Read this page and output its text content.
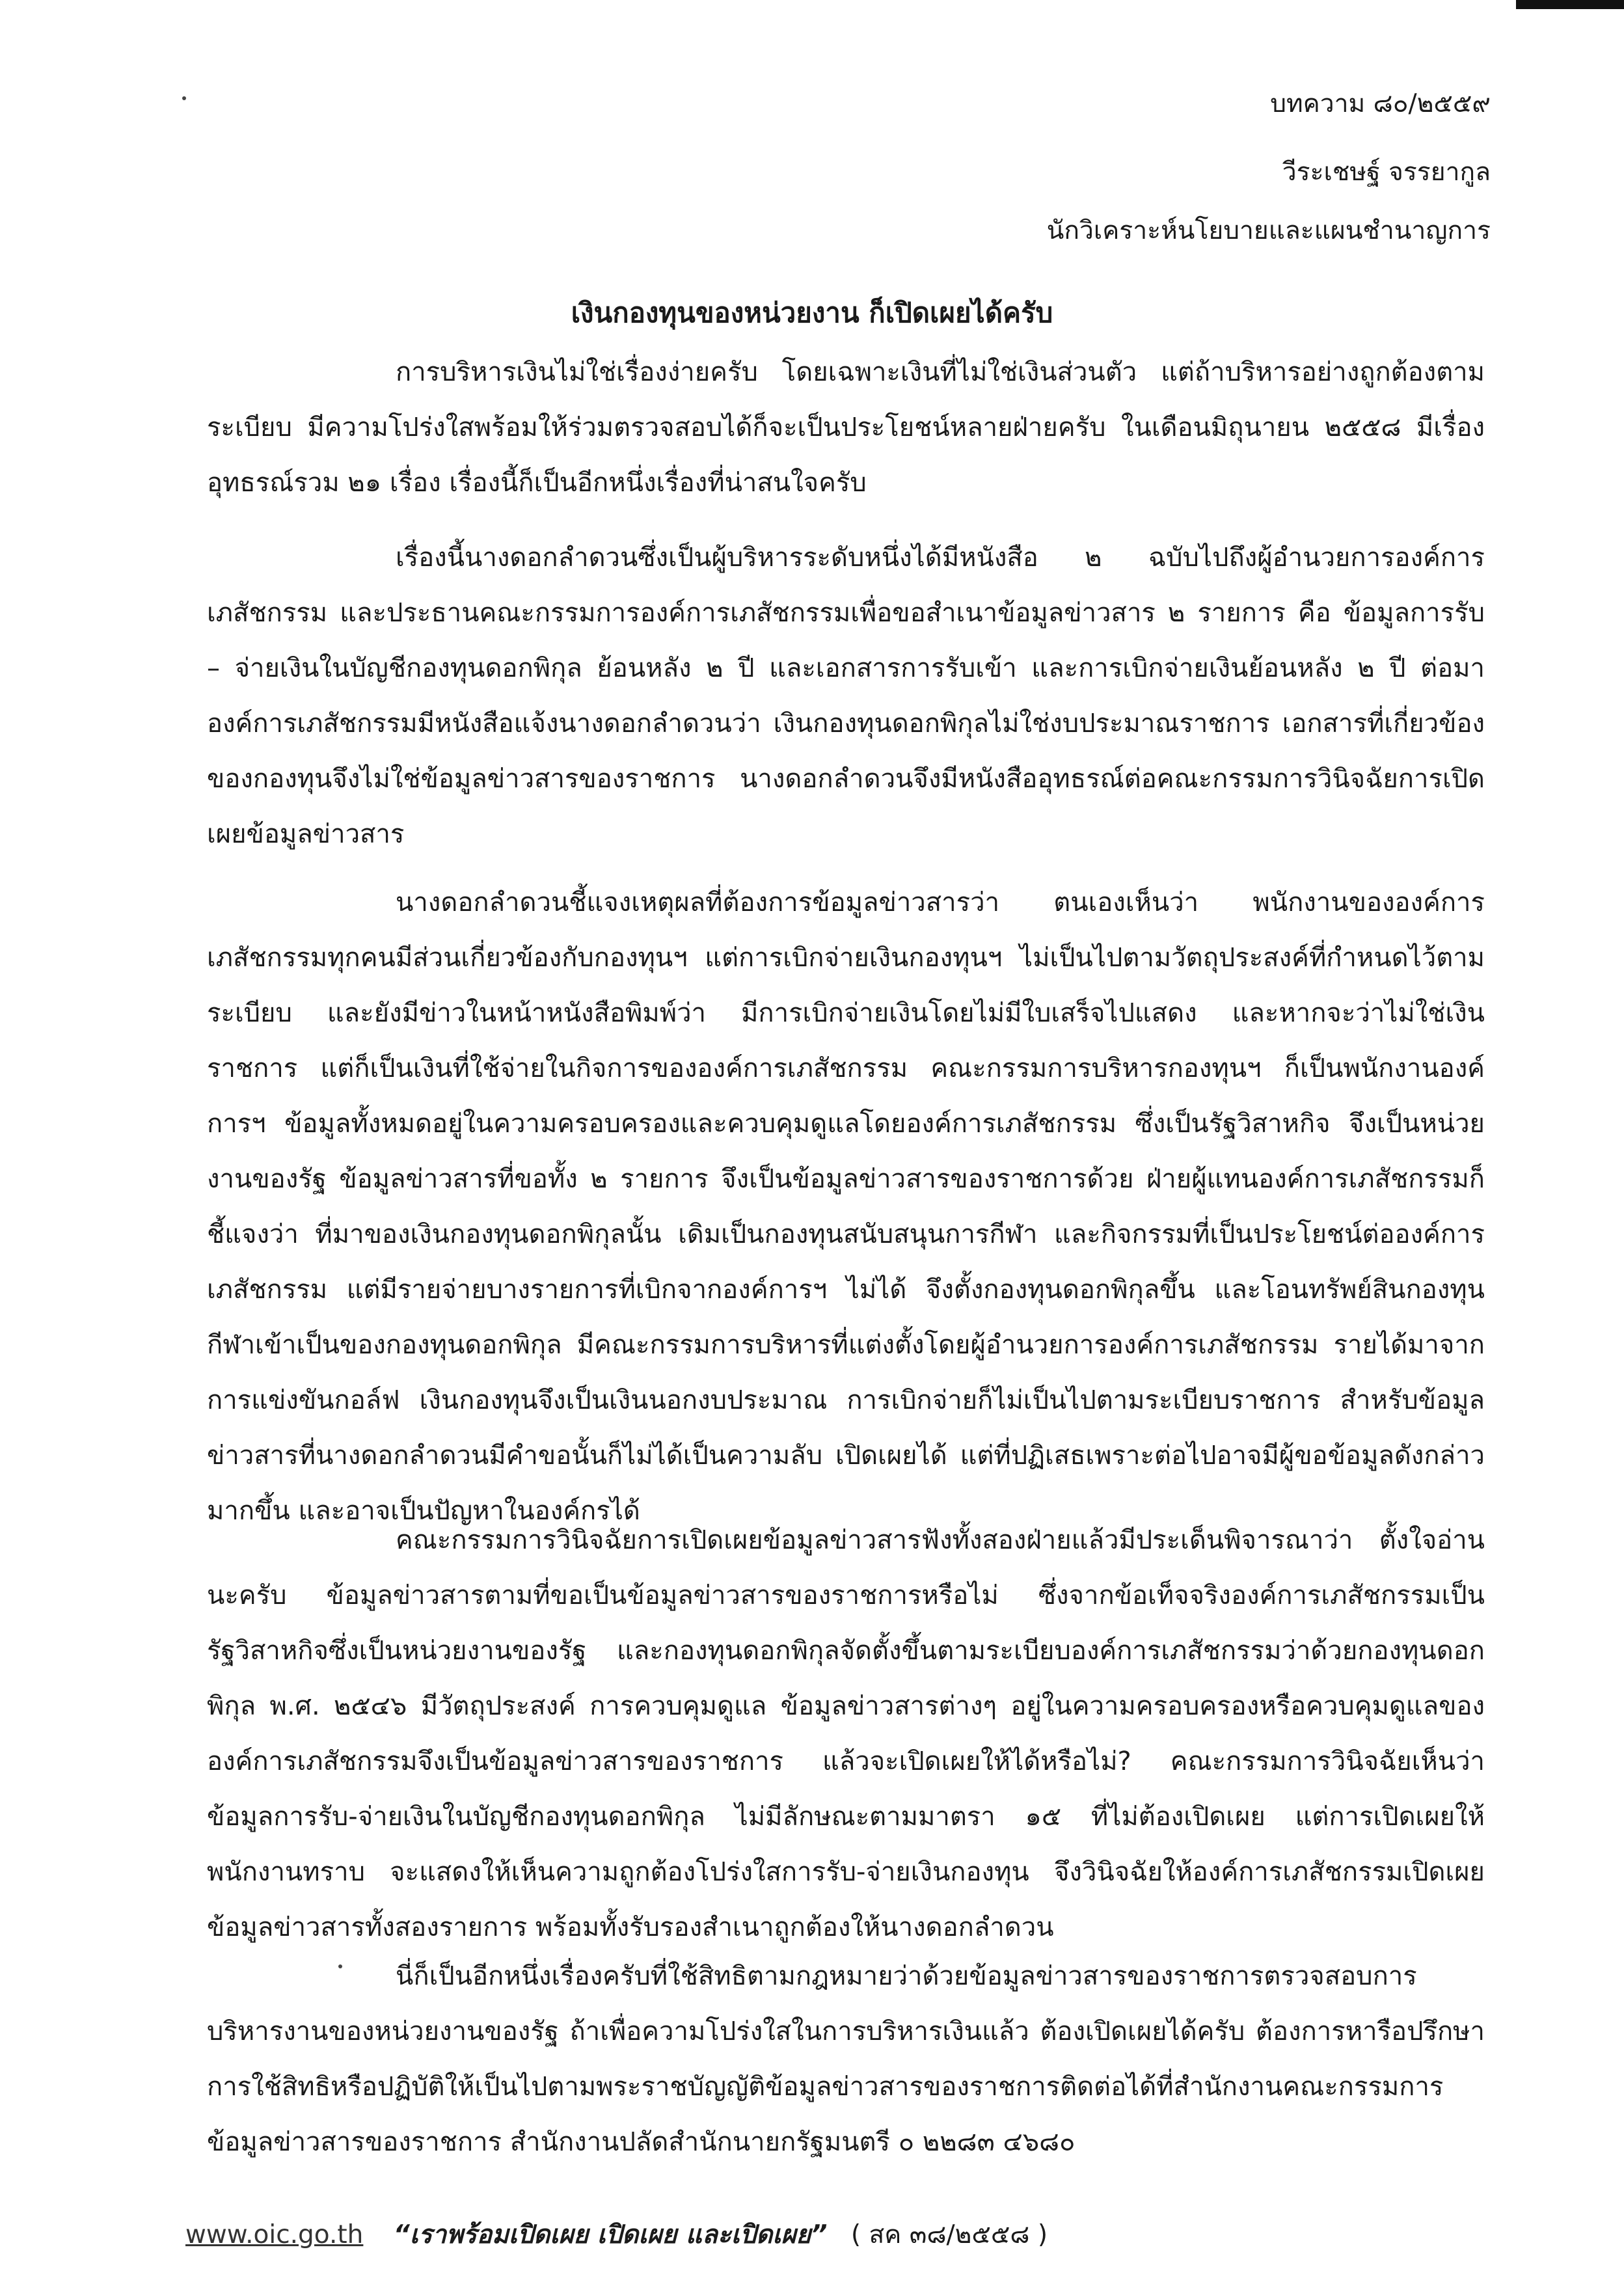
บทความ ๘๐/๒๕๕๙
วีระเชษฐ์ จรรยากูล
นักวิเคราะห์นโยบายและแผนชำนาญการ
เงินกองทุนของหน่วยงาน ก็เปิดเผยได้ครับ
การบริหารเงินไม่ใช่เรื่องง่ายครับ โดยเฉพาะเงินที่ไม่ใช่เงินส่วนตัว แต่ถ้าบริหารอย่างถูกต้องตามระเบียบ มีความโปร่งใสพร้อมให้ร่วมตรวจสอบได้ก็จะเป็นประโยชน์หลายฝ่ายครับ ในเดือนมิถุนายน ๒๕๕๘ มีเรื่องอุทธรณ์รวม ๒๑ เรื่อง เรื่องนี้ก็เป็นอีกหนึ่งเรื่องที่น่าสนใจครับ
เรื่องนี้นางดอกลำดวนซึ่งเป็นผู้บริหารระดับหนึ่งได้มีหนังสือ ๒ ฉบับไปถึงผู้อำนวยการองค์การเภสัชกรรม และประธานคณะกรรมการองค์การเภสัชกรรมเพื่อขอสำเนาข้อมูลข่าวสาร ๒ รายการ คือ ข้อมูลการรับ – จ่ายเงินในบัญชีกองทุนดอกพิกุล ย้อนหลัง ๒ ปี และเอกสารการรับเข้า และการเบิกจ่ายเงินย้อนหลัง ๒ ปี ต่อมาองค์การเภสัชกรรมมีหนังสือแจ้งนางดอกลำดวนว่า เงินกองทุนดอกพิกุลไม่ใช่งบประมาณราชการ เอกสารที่เกี่ยวข้องของกองทุนจึงไม่ใช่ข้อมูลข่าวสารของราชการ นางดอกลำดวนจึงมีหนังสืออุทธรณ์ต่อคณะกรรมการวินิจฉัยการเปิดเผยข้อมูลข่าวสาร
นางดอกลำดวนชี้แจงเหตุผลที่ต้องการข้อมูลข่าวสารว่า ตนเองเห็นว่า พนักงานขององค์การเภสัชกรรมทุกคนมีส่วนเกี่ยวข้องกับกองทุนฯ แต่การเบิกจ่ายเงินกองทุนฯ ไม่เป็นไปตามวัตถุประสงค์ที่กำหนดไว้ตามระเบียบ และยังมีข่าวในหน้าหนังสือพิมพ์ว่า มีการเบิกจ่ายเงินโดยไม่มีใบเสร็จไปแสดง และหากจะว่าไม่ใช่เงินราชการ แต่ก็เป็นเงินที่ใช้จ่ายในกิจการขององค์การเภสัชกรรม คณะกรรมการบริหารกองทุนฯ ก็เป็นพนักงานองค์การฯ ข้อมูลทั้งหมดอยู่ในความครอบครองและควบคุมดูแลโดยองค์การเภสัชกรรม ซึ่งเป็นรัฐวิสาหกิจ จึงเป็นหน่วยงานของรัฐ ข้อมูลข่าวสารที่ขอทั้ง ๒ รายการ จึงเป็นข้อมูลข่าวสารของราชการด้วย ฝ่ายผู้แทนองค์การเภสัชกรรมก็ชี้แจงว่า ที่มาของเงินกองทุนดอกพิกุลนั้น เดิมเป็นกองทุนสนับสนุนการกีฬา และกิจกรรมที่เป็นประโยชน์ต่อองค์การเภสัชกรรม แต่มีรายจ่ายบางรายการที่เบิกจากองค์การฯ ไม่ได้ จึงตั้งกองทุนดอกพิกุลขึ้น และโอนทรัพย์สินกองทุนกีฬาเข้าเป็นของกองทุนดอกพิกุล มีคณะกรรมการบริหารที่แต่งตั้งโดยผู้อำนวยการองค์การเภสัชกรรม รายได้มาจากการแข่งขันกอล์ฟ เงินกองทุนจึงเป็นเงินนอกงบประมาณ การเบิกจ่ายก็ไม่เป็นไปตามระเบียบราชการ สำหรับข้อมูลข่าวสารที่นางดอกลำดวนมีคำขอนั้นก็ไม่ได้เป็นความลับ เปิดเผยได้ แต่ที่ปฏิเสธเพราะต่อไปอาจมีผู้ขอข้อมูลดังกล่าวมากขึ้น และอาจเป็นปัญหาในองค์กรได้
คณะกรรมการวินิจฉัยการเปิดเผยข้อมูลข่าวสารฟังทั้งสองฝ่ายแล้วมีประเด็นพิจารณาว่า ตั้งใจอ่านนะครับ ข้อมูลข่าวสารตามที่ขอเป็นข้อมูลข่าวสารของราชการหรือไม่ ซึ่งจากข้อเท็จจริงองค์การเภสัชกรรมเป็นรัฐวิสาหกิจซึ่งเป็นหน่วยงานของรัฐ และกองทุนดอกพิกุลจัดตั้งขึ้นตามระเบียบองค์การเภสัชกรรมว่าด้วยกองทุนดอกพิกุล พ.ศ. ๒๕๔๖ มีวัตถุประสงค์ การควบคุมดูแล ข้อมูลข่าวสารต่างๆ อยู่ในความครอบครองหรือควบคุมดูแลขององค์การเภสัชกรรมจึงเป็นข้อมูลข่าวสารของราชการ แล้วจะเปิดเผยให้ได้หรือไม่? คณะกรรมการวินิจฉัยเห็นว่า ข้อมูลการรับ-จ่ายเงินในบัญชีกองทุนดอกพิกุล ไม่มีลักษณะตามมาตรา ๑๕ ที่ไม่ต้องเปิดเผย แต่การเปิดเผยให้พนักงานทราบ จะแสดงให้เห็นความถูกต้องโปร่งใสการรับ-จ่ายเงินกองทุน จึงวินิจฉัยให้องค์การเภสัชกรรมเปิดเผยข้อมูลข่าวสารทั้งสองรายการ พร้อมทั้งรับรองสำเนาถูกต้องให้นางดอกลำดวน
นี่ก็เป็นอีกหนึ่งเรื่องครับที่ใช้สิทธิตามกฎหมายว่าด้วยข้อมูลข่าวสารของราชการตรวจสอบการบริหารงานของหน่วยงานของรัฐ ถ้าเพื่อความโปร่งใสในการบริหารเงินแล้ว ต้องเปิดเผยได้ครับ ต้องการหารือปรึกษาการใช้สิทธิหรือปฏิบัติให้เป็นไปตามพระราชบัญญัติข้อมูลข่าวสารของราชการติดต่อได้ที่สำนักงานคณะกรรมการข้อมูลข่าวสารของราชการ สำนักงานปลัดสำนักนายกรัฐมนตรี ๐ ๒๒๘๓ ๔๖๘๐
www.oic.go.th “เราพร้อมเปิดเผย เปิดเผย และเปิดเผย” ( สค ๓๘/๒๕๕๘ )
